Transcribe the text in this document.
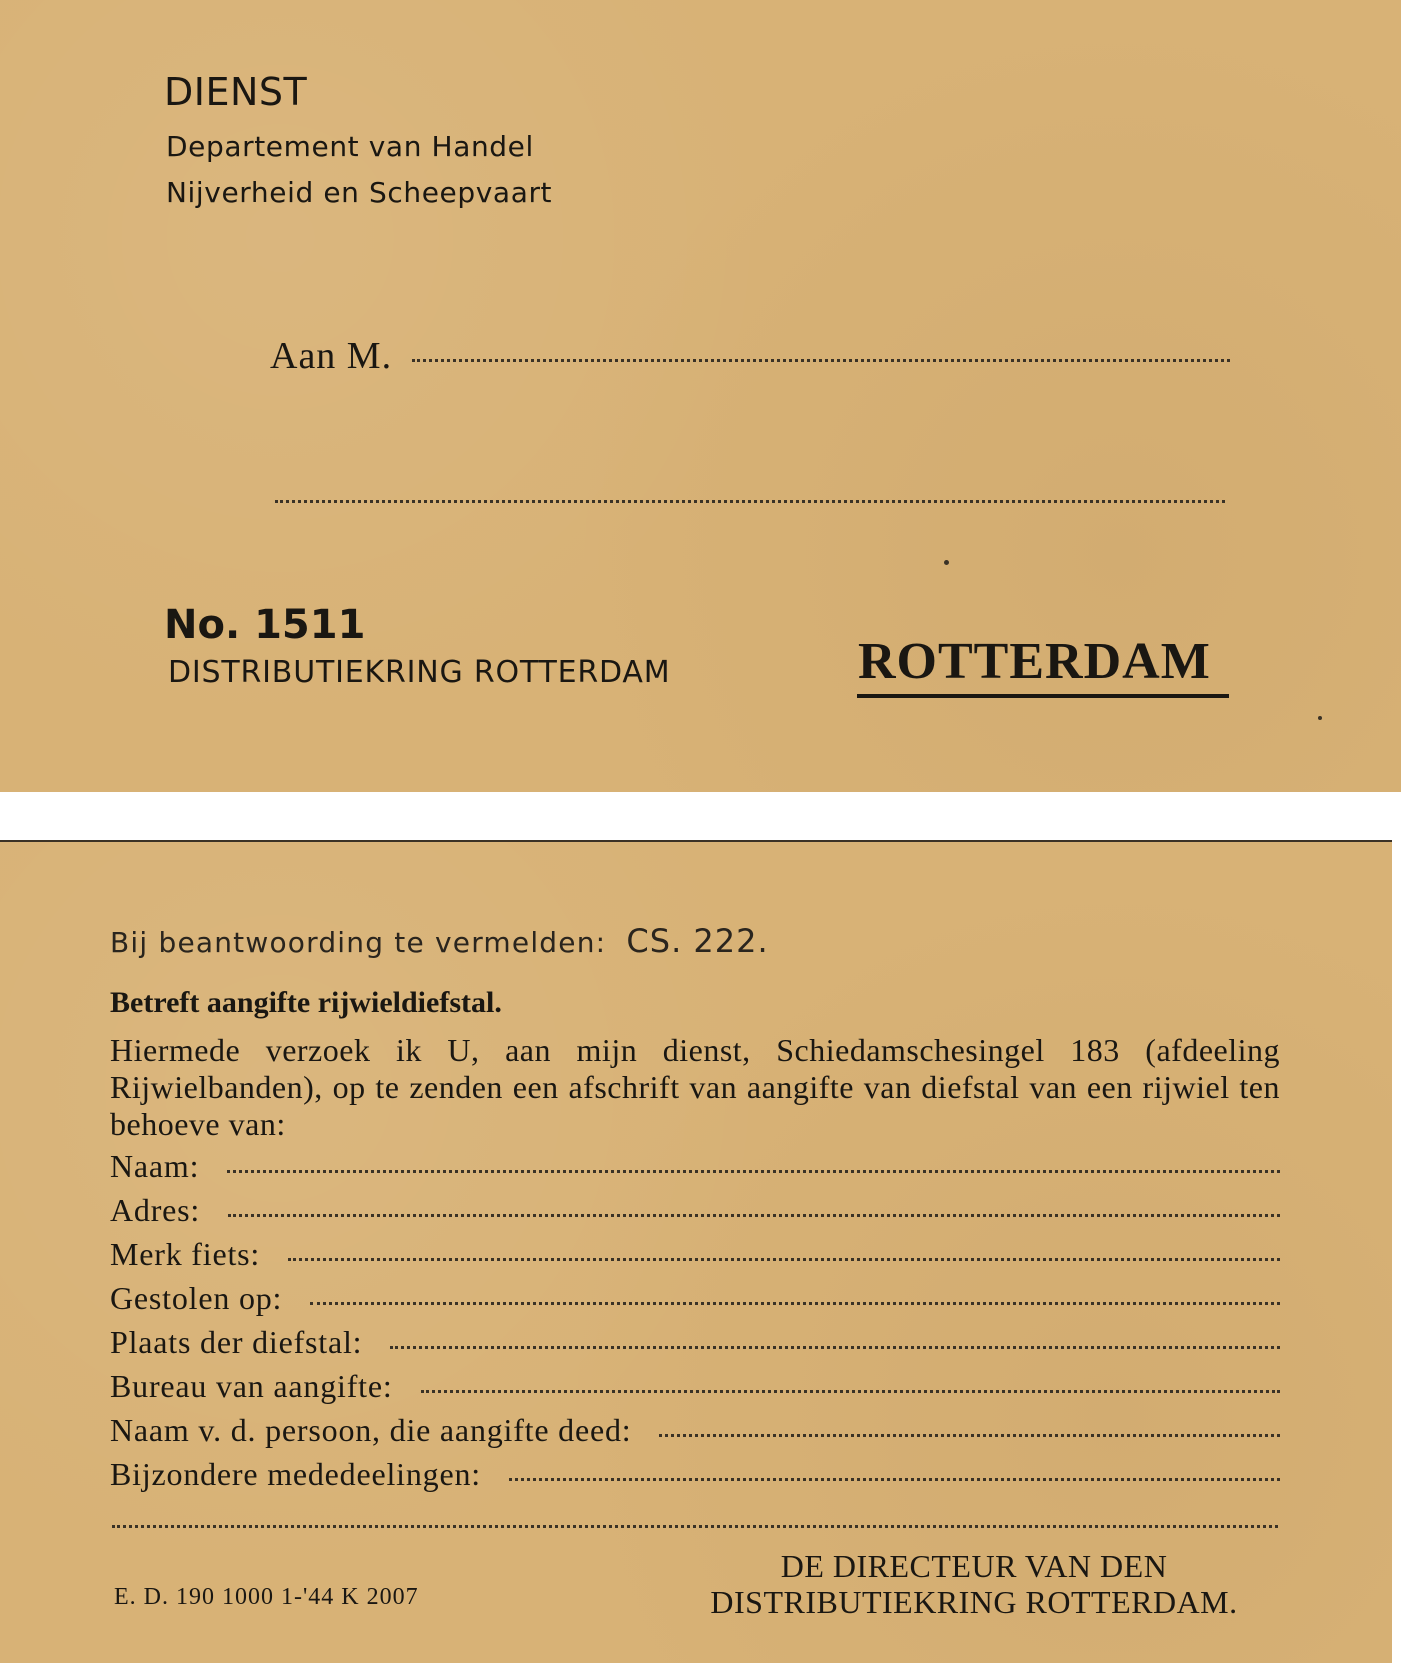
DIENST
Departement van Handel
Nijverheid en Scheepvaart
Aan M.
No. 1511
DISTRIBUTIEKRING ROTTERDAM	ROTTERDAM
Bij beantwoording te vermelden: CS. 222.
Betreft aangifte rijwieldiefstal.
Hiermede verzoek ik U, aan mijn dienst, Schiedamschesingel 183 (afdeeling Rijwielbanden), op te zenden een afschrift van aangifte van diefstal van een rijwiel ten behoeve van:
Naam:
Adres:
Merk fiets:
Gestolen op:
Plaats der diefstal:
Bureau van aangifte:
Naam v. d. persoon, die aangifte deed:
Bijzondere mededeelingen:
E. D. 190 1000 1-'44 K 2007
DE DIRECTEUR VAN DEN
DISTRIBUTIEKRING ROTTERDAM.
